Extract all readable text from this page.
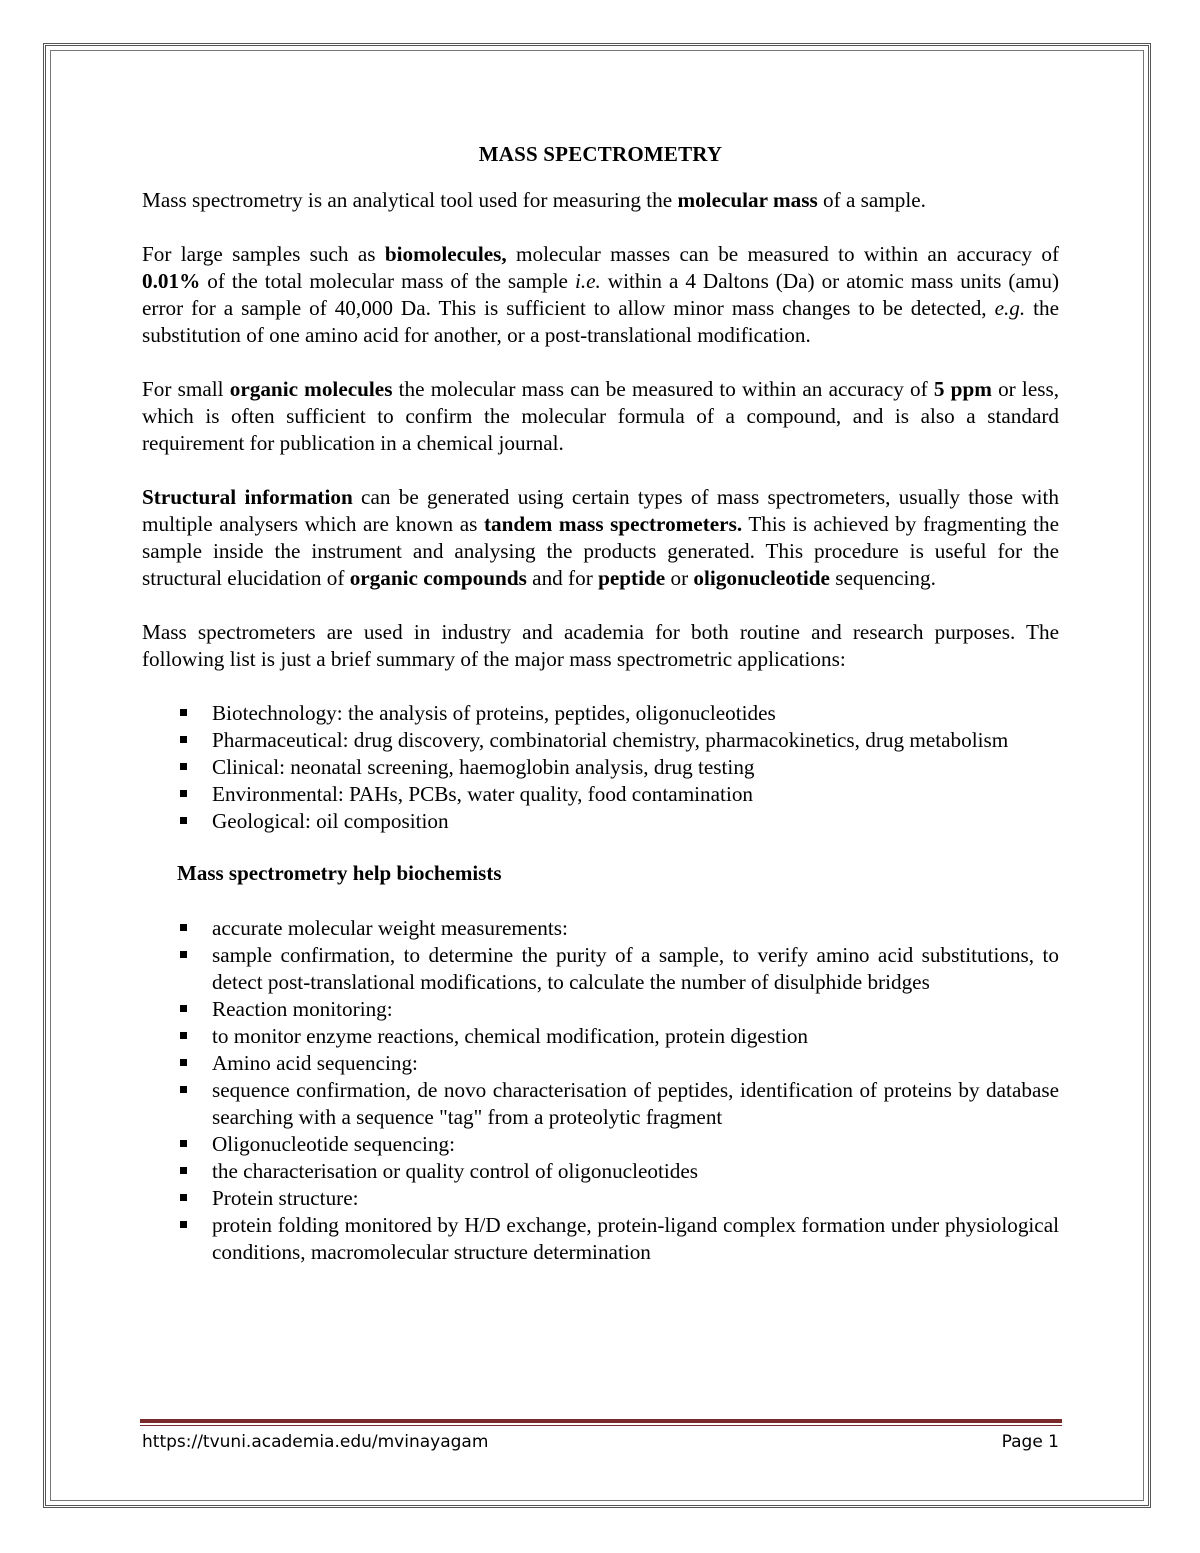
MASS SPECTROMETRY

Mass spectrometry is an analytical tool used for measuring the molecular mass of a sample.

For large samples such as biomolecules, molecular masses can be measured to within an accuracy of 0.01% of the total molecular mass of the sample i.e. within a 4 Daltons (Da) or atomic mass units (amu) error for a sample of 40,000 Da. This is sufficient to allow minor mass changes to be detected, e.g. the substitution of one amino acid for another, or a post-translational modification.

For small organic molecules the molecular mass can be measured to within an accuracy of 5 ppm or less, which is often sufficient to confirm the molecular formula of a compound, and is also a standard requirement for publication in a chemical journal.

Structural information can be generated using certain types of mass spectrometers, usually those with multiple analysers which are known as tandem mass spectrometers. This is achieved by fragmenting the sample inside the instrument and analysing the products generated. This procedure is useful for the structural elucidation of organic compounds and for peptide or oligonucleotide sequencing.

Mass spectrometers are used in industry and academia for both routine and research purposes. The following list is just a brief summary of the major mass spectrometric applications:

Biotechnology: the analysis of proteins, peptides, oligonucleotides
Pharmaceutical: drug discovery, combinatorial chemistry, pharmacokinetics, drug metabolism
Clinical: neonatal screening, haemoglobin analysis, drug testing
Environmental: PAHs, PCBs, water quality, food contamination
Geological: oil composition
Mass spectrometry help biochemists
accurate molecular weight measurements:
sample confirmation, to determine the purity of a sample, to verify amino acid substitutions, to detect post-translational modifications, to calculate the number of disulphide bridges
Reaction monitoring:
to monitor enzyme reactions, chemical modification, protein digestion
Amino acid sequencing:
sequence confirmation, de novo characterisation of peptides, identification of proteins by database searching with a sequence "tag" from a proteolytic fragment
Oligonucleotide sequencing:
the characterisation or quality control of oligonucleotides
Protein structure:
protein folding monitored by H/D exchange, protein-ligand complex formation under physiological conditions, macromolecular structure determination
https://tvuni.academia.edu/mvinayagam	Page 1
